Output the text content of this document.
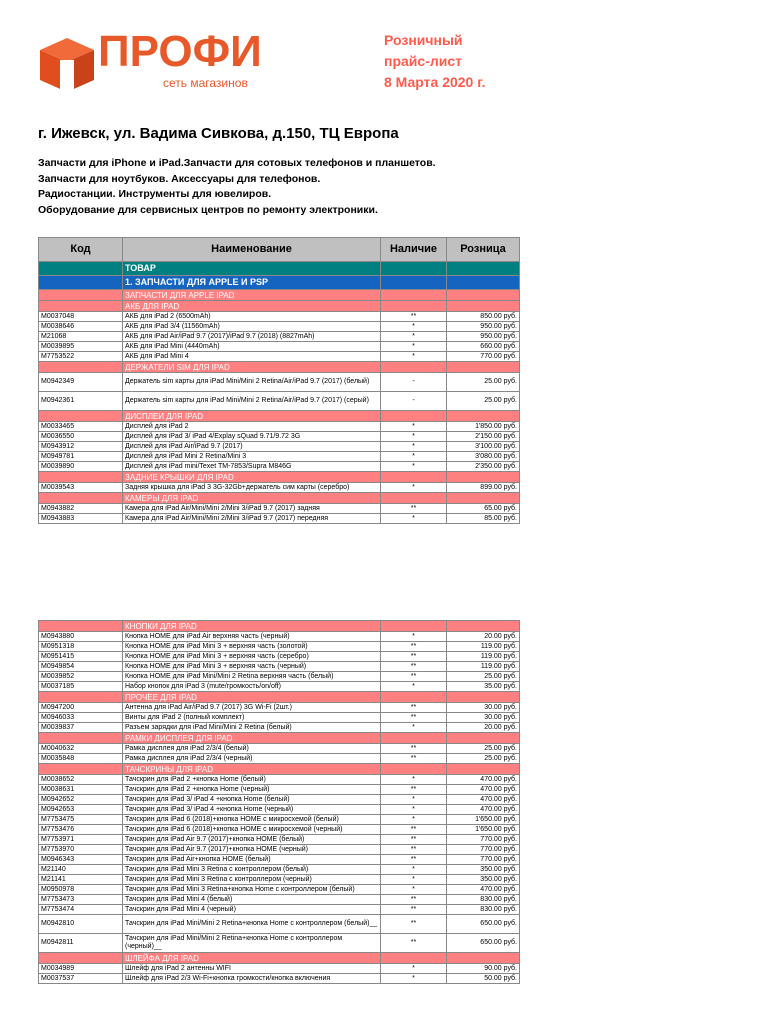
ПРОФИ
сеть магазинов
Розничный
прайс-лист
8 Марта 2020 г.
г. Ижевск, ул. Вадима Сивкова, д.150, ТЦ Европа
Запчасти для iPhone и iPad.Запчасти для сотовых телефонов и планшетов.
Запчасти для ноутбуков. Аксессуары для телефонов.
Радиостанции. Инструменты для ювелиров.
Оборудование для сервисных центров по ремонту электроники.
Код	Наименование	Наличие	Розница
	ТОВАР		
	1. ЗАПЧАСТИ ДЛЯ APPLE И PSP		
	ЗАПЧАСТИ ДЛЯ APPLE IPAD		
	АКБ ДЛЯ IPAD		
M0037048	АКБ для iPad 2 (6500mAh)	**	850.00 руб.
M0038646	АКБ для iPad 3/4 (11560mAh)	*	950.00 руб.
M21068	АКБ для iPad Air/iPad 9.7 (2017)/iPad 9.7 (2018) (8827mAh)	*	950.00 руб.
M0039895	АКБ для iPad Mini (4440mAh)	*	660.00 руб.
M7753522	АКБ для iPad Mini 4	*	770.00 руб.
	ДЕРЖАТЕЛИ SIM ДЛЯ IPAD		
M0942349	Держатель sim карты для iPad Mini/Mini 2 Retina/Air/iPad 9.7 (2017) (белый)	-	25.00 руб.
M0942361	Держатель sim карты для iPad Mini/Mini 2 Retina/Air/iPad 9.7 (2017) (серый)	-	25.00 руб.
	ДИСПЛЕИ ДЛЯ IPAD		
M0033465	Дисплей для iPad 2	*	1'850.00 руб.
M0036550	Дисплей для iPad 3/ iPad 4/Explay sQuad 9.71/9.72 3G	*	2'150.00 руб.
M0943912	Дисплей для iPad Air/iPad 9.7 (2017)	*	3'100.00 руб.
M0949781	Дисплей для iPad Mini 2 Retina/Mini 3	*	3'080.00 руб.
M0039890	Дисплей для iPad mini/Texet TM-7853/Supra M846G	*	2'350.00 руб.
	ЗАДНИЕ КРЫШКИ ДЛЯ IPAD		
M0039543	Задняя крышка для iPad 3 3G-32Gb+держатель сим карты (серебро)	*	899.00 руб.
	КАМЕРЫ ДЛЯ IPAD		
M0943882	Камера для iPad Air/Mini/Mini 2/Mini 3/iPad 9.7 (2017) задняя	**	65.00 руб.
M0943883	Камера для iPad Air/Mini/Mini 2/Mini 3/iPad 9.7 (2017) передняя	*	85.00 руб.
	КНОПКИ ДЛЯ IPAD		
M0943880	Кнопка HOME для iPad Air верхняя часть (черный)	*	20.00 руб.
M0951318	Кнопка HOME для iPad Mini 3 + верхняя часть (золотой)	**	119.00 руб.
M0951415	Кнопка HOME для iPad Mini 3 + верхняя часть (серебро)	**	119.00 руб.
M0949854	Кнопка HOME для iPad Mini 3 + верхняя часть (черный)	**	119.00 руб.
M0039852	Кнопка HOME для iPad Mini/Mini 2 Retina верхняя часть (белый)	**	25.00 руб.
M0037185	Набор кнопок для iPad 3 (mute/громкость/on/off)	*	35.00 руб.
	ПРОЧЕЕ ДЛЯ IPAD		
M0947200	Антенна для iPad Air/iPad 9.7 (2017) 3G Wi-Fi (2шт.)	**	30.00 руб.
M0946033	Винты для iPad 2 (полный комплект)	**	30.00 руб.
M0039837	Разъем зарядки для iPad Mini/Mini 2 Retina (белый)	*	20.00 руб.
	РАМКИ ДИСПЛЕЯ ДЛЯ IPAD		
M0040632	Рамка дисплея для iPad 2/3/4 (белый)	**	25.00 руб.
M0035848	Рамка дисплея для iPad 2/3/4 (черный)	**	25.00 руб.
	ТАЧСКРИНЫ ДЛЯ IPAD		
M0038652	Тачскрин для iPad 2 +кнопка Home (белый)	*	470.00 руб.
M0038631	Тачскрин для iPad 2 +кнопка Home (черный)	**	470.00 руб.
M0942652	Тачскрин для iPad 3/ iPad 4 +кнопка Home (белый)	*	470.00 руб.
M0942653	Тачскрин для iPad 3/ iPad 4 +кнопка Home (черный)	*	470.00 руб.
M7753475	Тачскрин для iPad 6 (2018)+кнопка HOME с микросхемой (белый)	*	1'650.00 руб.
M7753476	Тачскрин для iPad 6 (2018)+кнопка HOME с микросхемой (черный)	**	1'650.00 руб.
M7753971	Тачскрин для iPad Air 9.7 (2017)+кнопка HOME (белый)	**	770.00 руб.
M7753970	Тачскрин для iPad Air 9.7 (2017)+кнопка HOME (черный)	**	770.00 руб.
M0946343	Тачскрин для iPad Air+кнопка HOME (белый)	**	770.00 руб.
M21140	Тачскрин для iPad Mini 3 Retina с контроллером (белый)	*	350.00 руб.
M21141	Тачскрин для iPad Mini 3 Retina с контроллером (черный)	*	350.00 руб.
M0950978	Тачскрин для iPad Mini 3 Retina+кнопка Home с контроллером (белый)	*	470.00 руб.
M7753473	Тачскрин для iPad Mini 4 (белый)	**	830.00 руб.
M7753474	Тачскрин для iPad Mini 4 (черный)	**	830.00 руб.
M0942810	Тачскрин для iPad Mini/Mini 2 Retina+кнопка Home с контроллером (белый)__	**	650.00 руб.
M0942811	Тачскрин для iPad Mini/Mini 2 Retina+кнопка Home с контроллером (черный)__	**	650.00 руб.
	ШЛЕЙФА ДЛЯ IPAD		
M0034989	Шлейф для iPad 2 антенны WIFI	*	90.00 руб.
M0037537	Шлейф для iPad 2/3 Wi-Fi+кнопка громкости/кнопка включения	*	50.00 руб.
